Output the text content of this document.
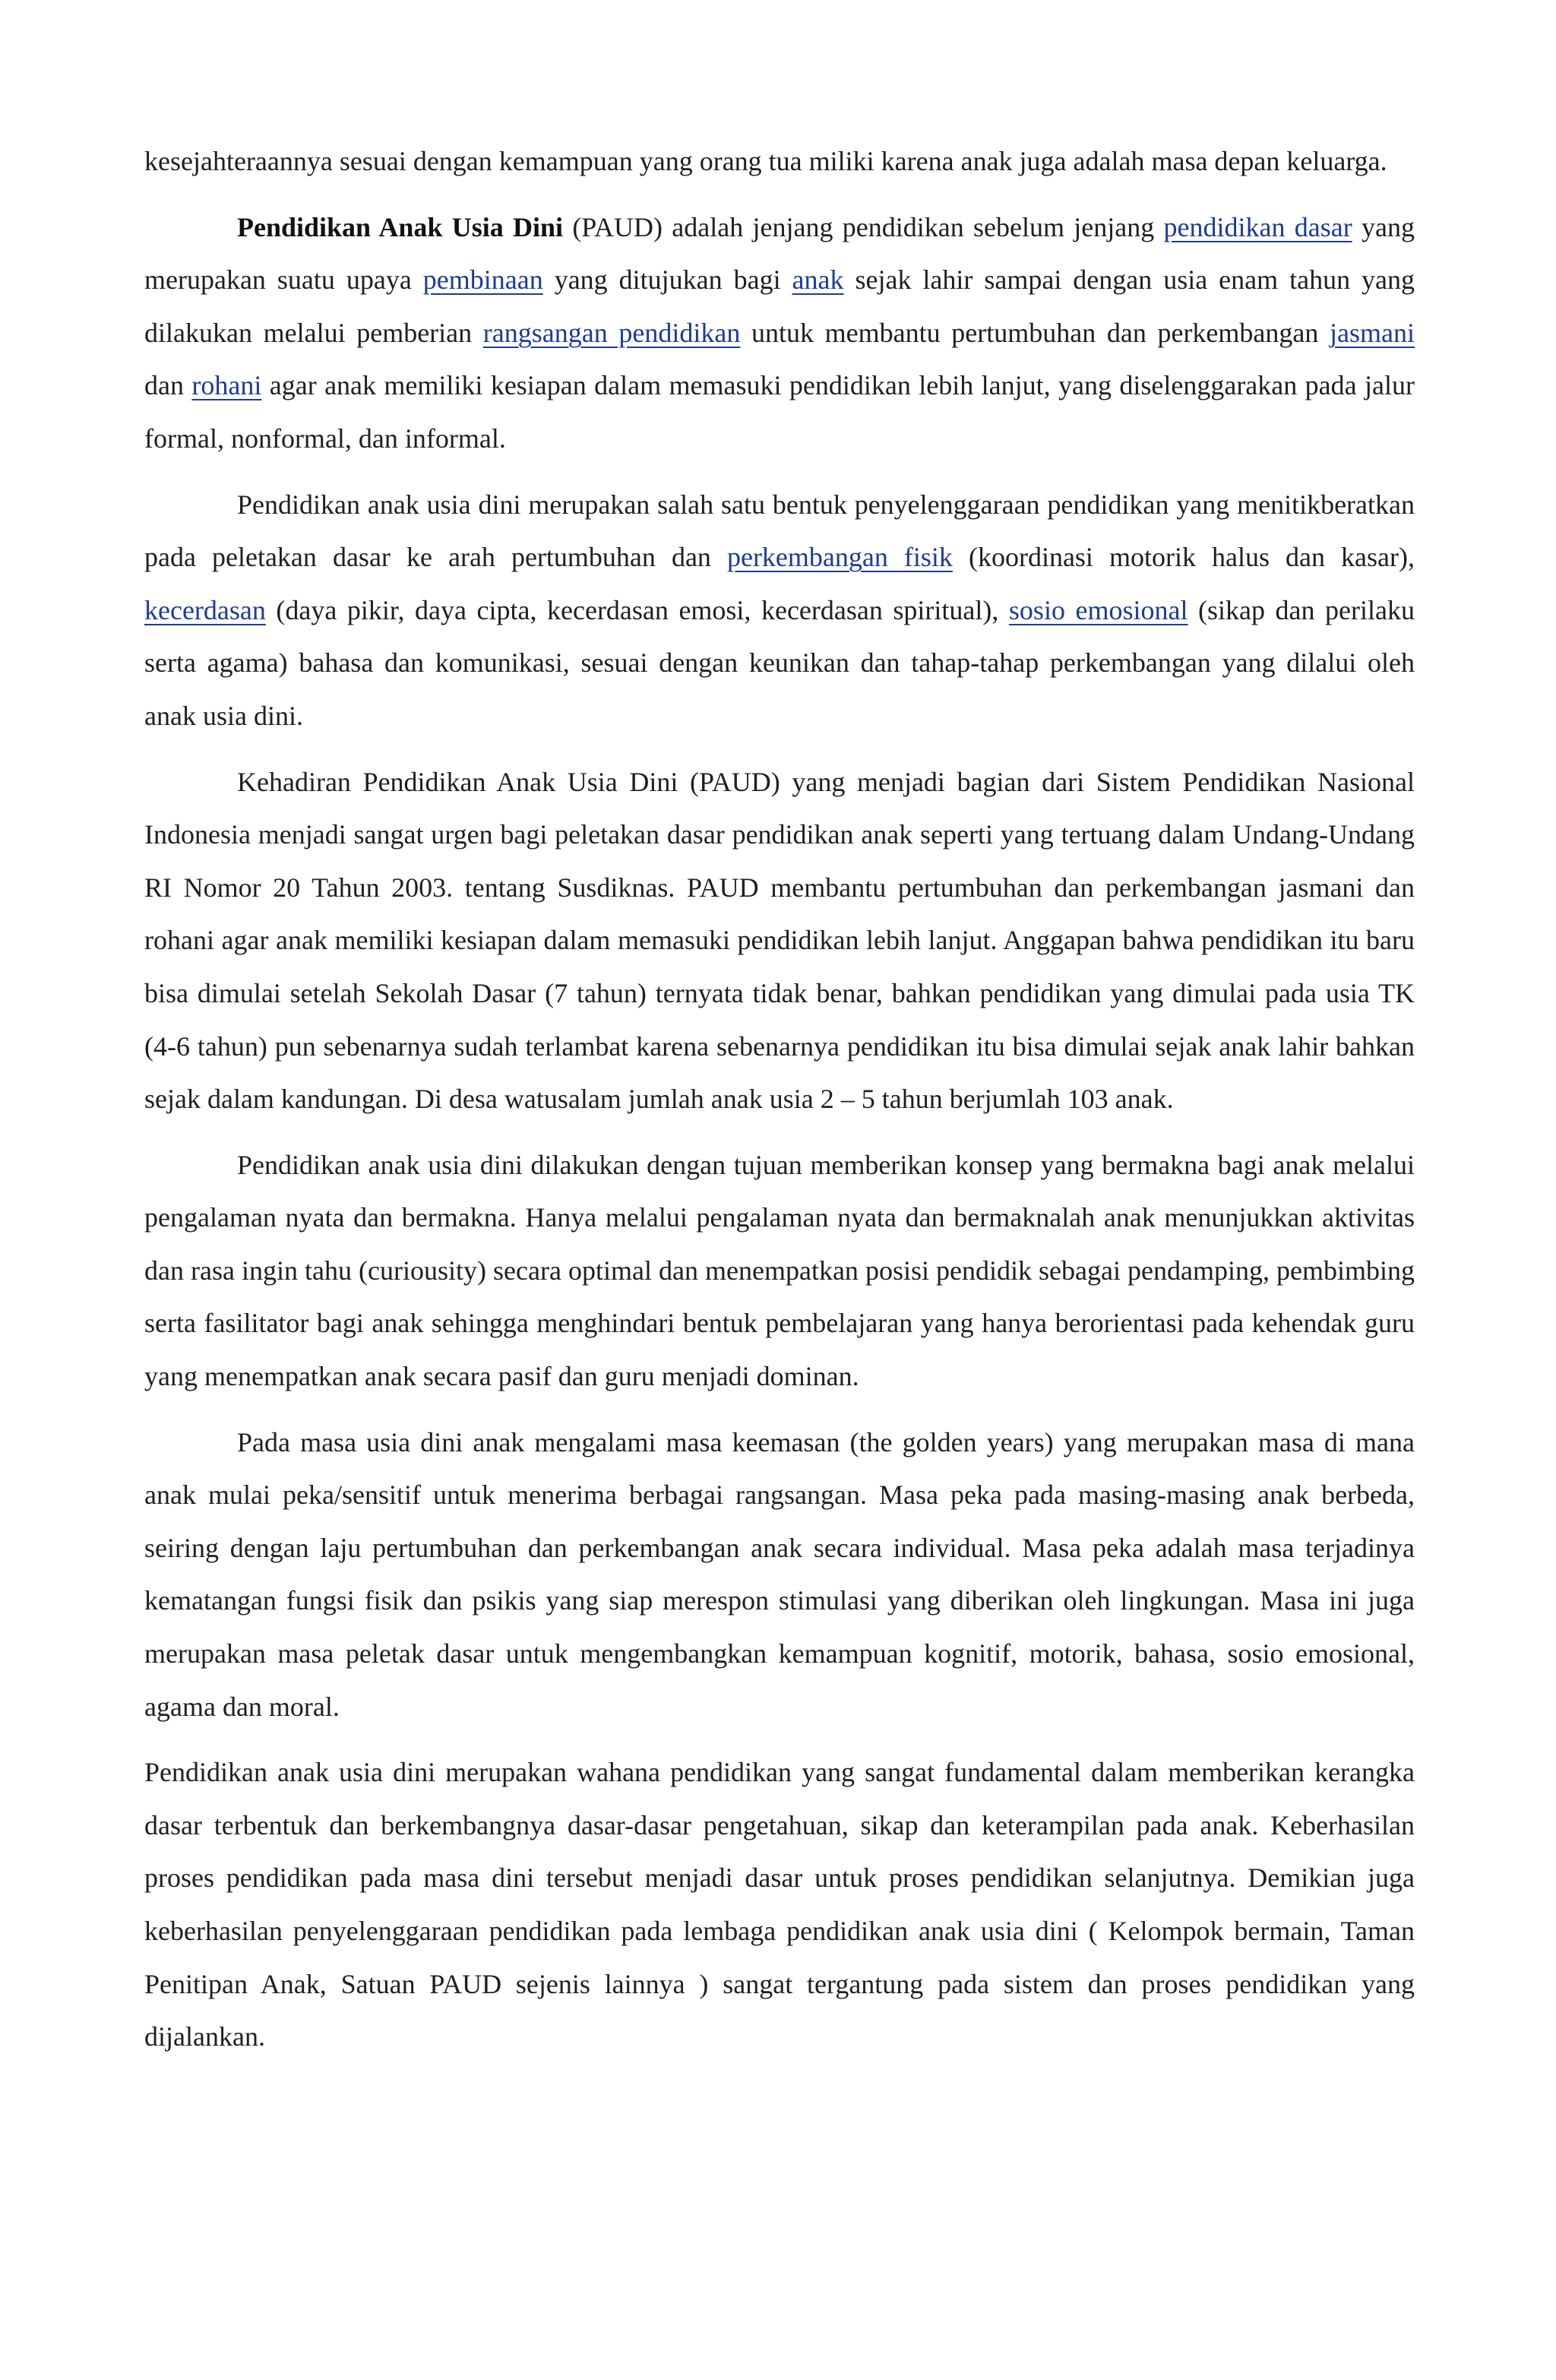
kesejahteraannya sesuai dengan kemampuan yang orang tua miliki karena anak juga adalah masa depan keluarga.

Pendidikan Anak Usia Dini (PAUD) adalah jenjang pendidikan sebelum jenjang pendidikan dasar yang merupakan suatu upaya pembinaan yang ditujukan bagi anak sejak lahir sampai dengan usia enam tahun yang dilakukan melalui pemberian rangsangan pendidikan untuk membantu pertumbuhan dan perkembangan jasmani dan rohani agar anak memiliki kesiapan dalam memasuki pendidikan lebih lanjut, yang diselenggarakan pada jalur formal, nonformal, dan informal.

Pendidikan anak usia dini merupakan salah satu bentuk penyelenggaraan pendidikan yang menitikberatkan pada peletakan dasar ke arah pertumbuhan dan perkembangan fisik (koordinasi motorik halus dan kasar), kecerdasan (daya pikir, daya cipta, kecerdasan emosi, kecerdasan spiritual), sosio emosional (sikap dan perilaku serta agama) bahasa dan komunikasi, sesuai dengan keunikan dan tahap-tahap perkembangan yang dilalui oleh anak usia dini.

Kehadiran Pendidikan Anak Usia Dini (PAUD) yang menjadi bagian dari Sistem Pendidikan Nasional Indonesia menjadi sangat urgen bagi peletakan dasar pendidikan anak seperti yang tertuang dalam Undang-Undang RI Nomor 20 Tahun 2003. tentang Susdiknas. PAUD membantu pertumbuhan dan perkembangan jasmani dan rohani agar anak memiliki kesiapan dalam memasuki pendidikan lebih lanjut. Anggapan bahwa pendidikan itu baru bisa dimulai setelah Sekolah Dasar (7 tahun) ternyata tidak benar, bahkan pendidikan yang dimulai pada usia TK (4-6 tahun) pun sebenarnya sudah terlambat karena sebenarnya pendidikan itu bisa dimulai sejak anak lahir bahkan sejak dalam kandungan. Di desa watusalam jumlah anak usia 2 – 5 tahun berjumlah 103 anak.

Pendidikan anak usia dini dilakukan dengan tujuan memberikan konsep yang bermakna bagi anak melalui pengalaman nyata dan bermakna. Hanya melalui pengalaman nyata dan bermaknalah anak menunjukkan aktivitas dan rasa ingin tahu (curiousity) secara optimal dan menempatkan posisi pendidik sebagai pendamping, pembimbing serta fasilitator bagi anak sehingga menghindari bentuk pembelajaran yang hanya berorientasi pada kehendak guru yang menempatkan anak secara pasif dan guru menjadi dominan.

Pada masa usia dini anak mengalami masa keemasan (the golden years) yang merupakan masa di mana anak mulai peka/sensitif untuk menerima berbagai rangsangan. Masa peka pada masing-masing anak berbeda, seiring dengan laju pertumbuhan dan perkembangan anak secara individual. Masa peka adalah masa terjadinya kematangan fungsi fisik dan psikis yang siap merespon stimulasi yang diberikan oleh lingkungan. Masa ini juga merupakan masa peletak dasar untuk mengembangkan kemampuan kognitif, motorik, bahasa, sosio emosional, agama dan moral.

Pendidikan anak usia dini merupakan wahana pendidikan yang sangat fundamental dalam memberikan kerangka dasar terbentuk dan berkembangnya dasar-dasar pengetahuan, sikap dan keterampilan pada anak. Keberhasilan proses pendidikan pada masa dini tersebut menjadi dasar untuk proses pendidikan selanjutnya. Demikian juga keberhasilan penyelenggaraan pendidikan pada lembaga pendidikan anak usia dini ( Kelompok bermain, Taman Penitipan Anak, Satuan PAUD sejenis lainnya ) sangat tergantung pada sistem dan proses pendidikan yang dijalankan.
